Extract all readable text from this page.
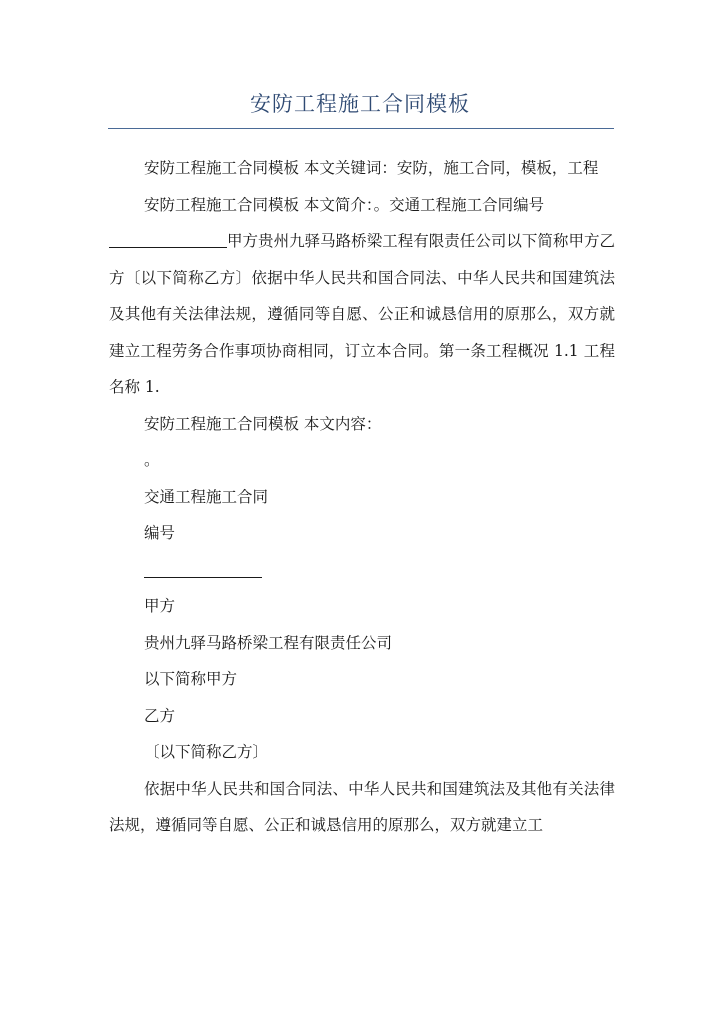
安防工程施工合同模板

安防工程施工合同模板 本文关键词：安防，施工合同，模板，工程

安防工程施工合同模板 本文简介：。交通工程施工合同编号
甲方贵州九驿马路桥梁工程有限责任公司以下简称甲方乙方〔以下简称乙方〕依据中华人民共和国合同法、中华人民共和国建筑法及其他有关法律法规，遵循同等自愿、公正和诚恳信用的原那么，双方就建立工程劳务合作事项协商相同，订立本合同。第一条工程概况 1.1 工程名称 1.

安防工程施工合同模板 本文内容：

。

交通工程施工合同

编号

甲方

贵州九驿马路桥梁工程有限责任公司

以下简称甲方

乙方

〔以下简称乙方〕

依据中华人民共和国合同法、中华人民共和国建筑法及其他有关法律法规，遵循同等自愿、公正和诚恳信用的原那么，双方就建立工
